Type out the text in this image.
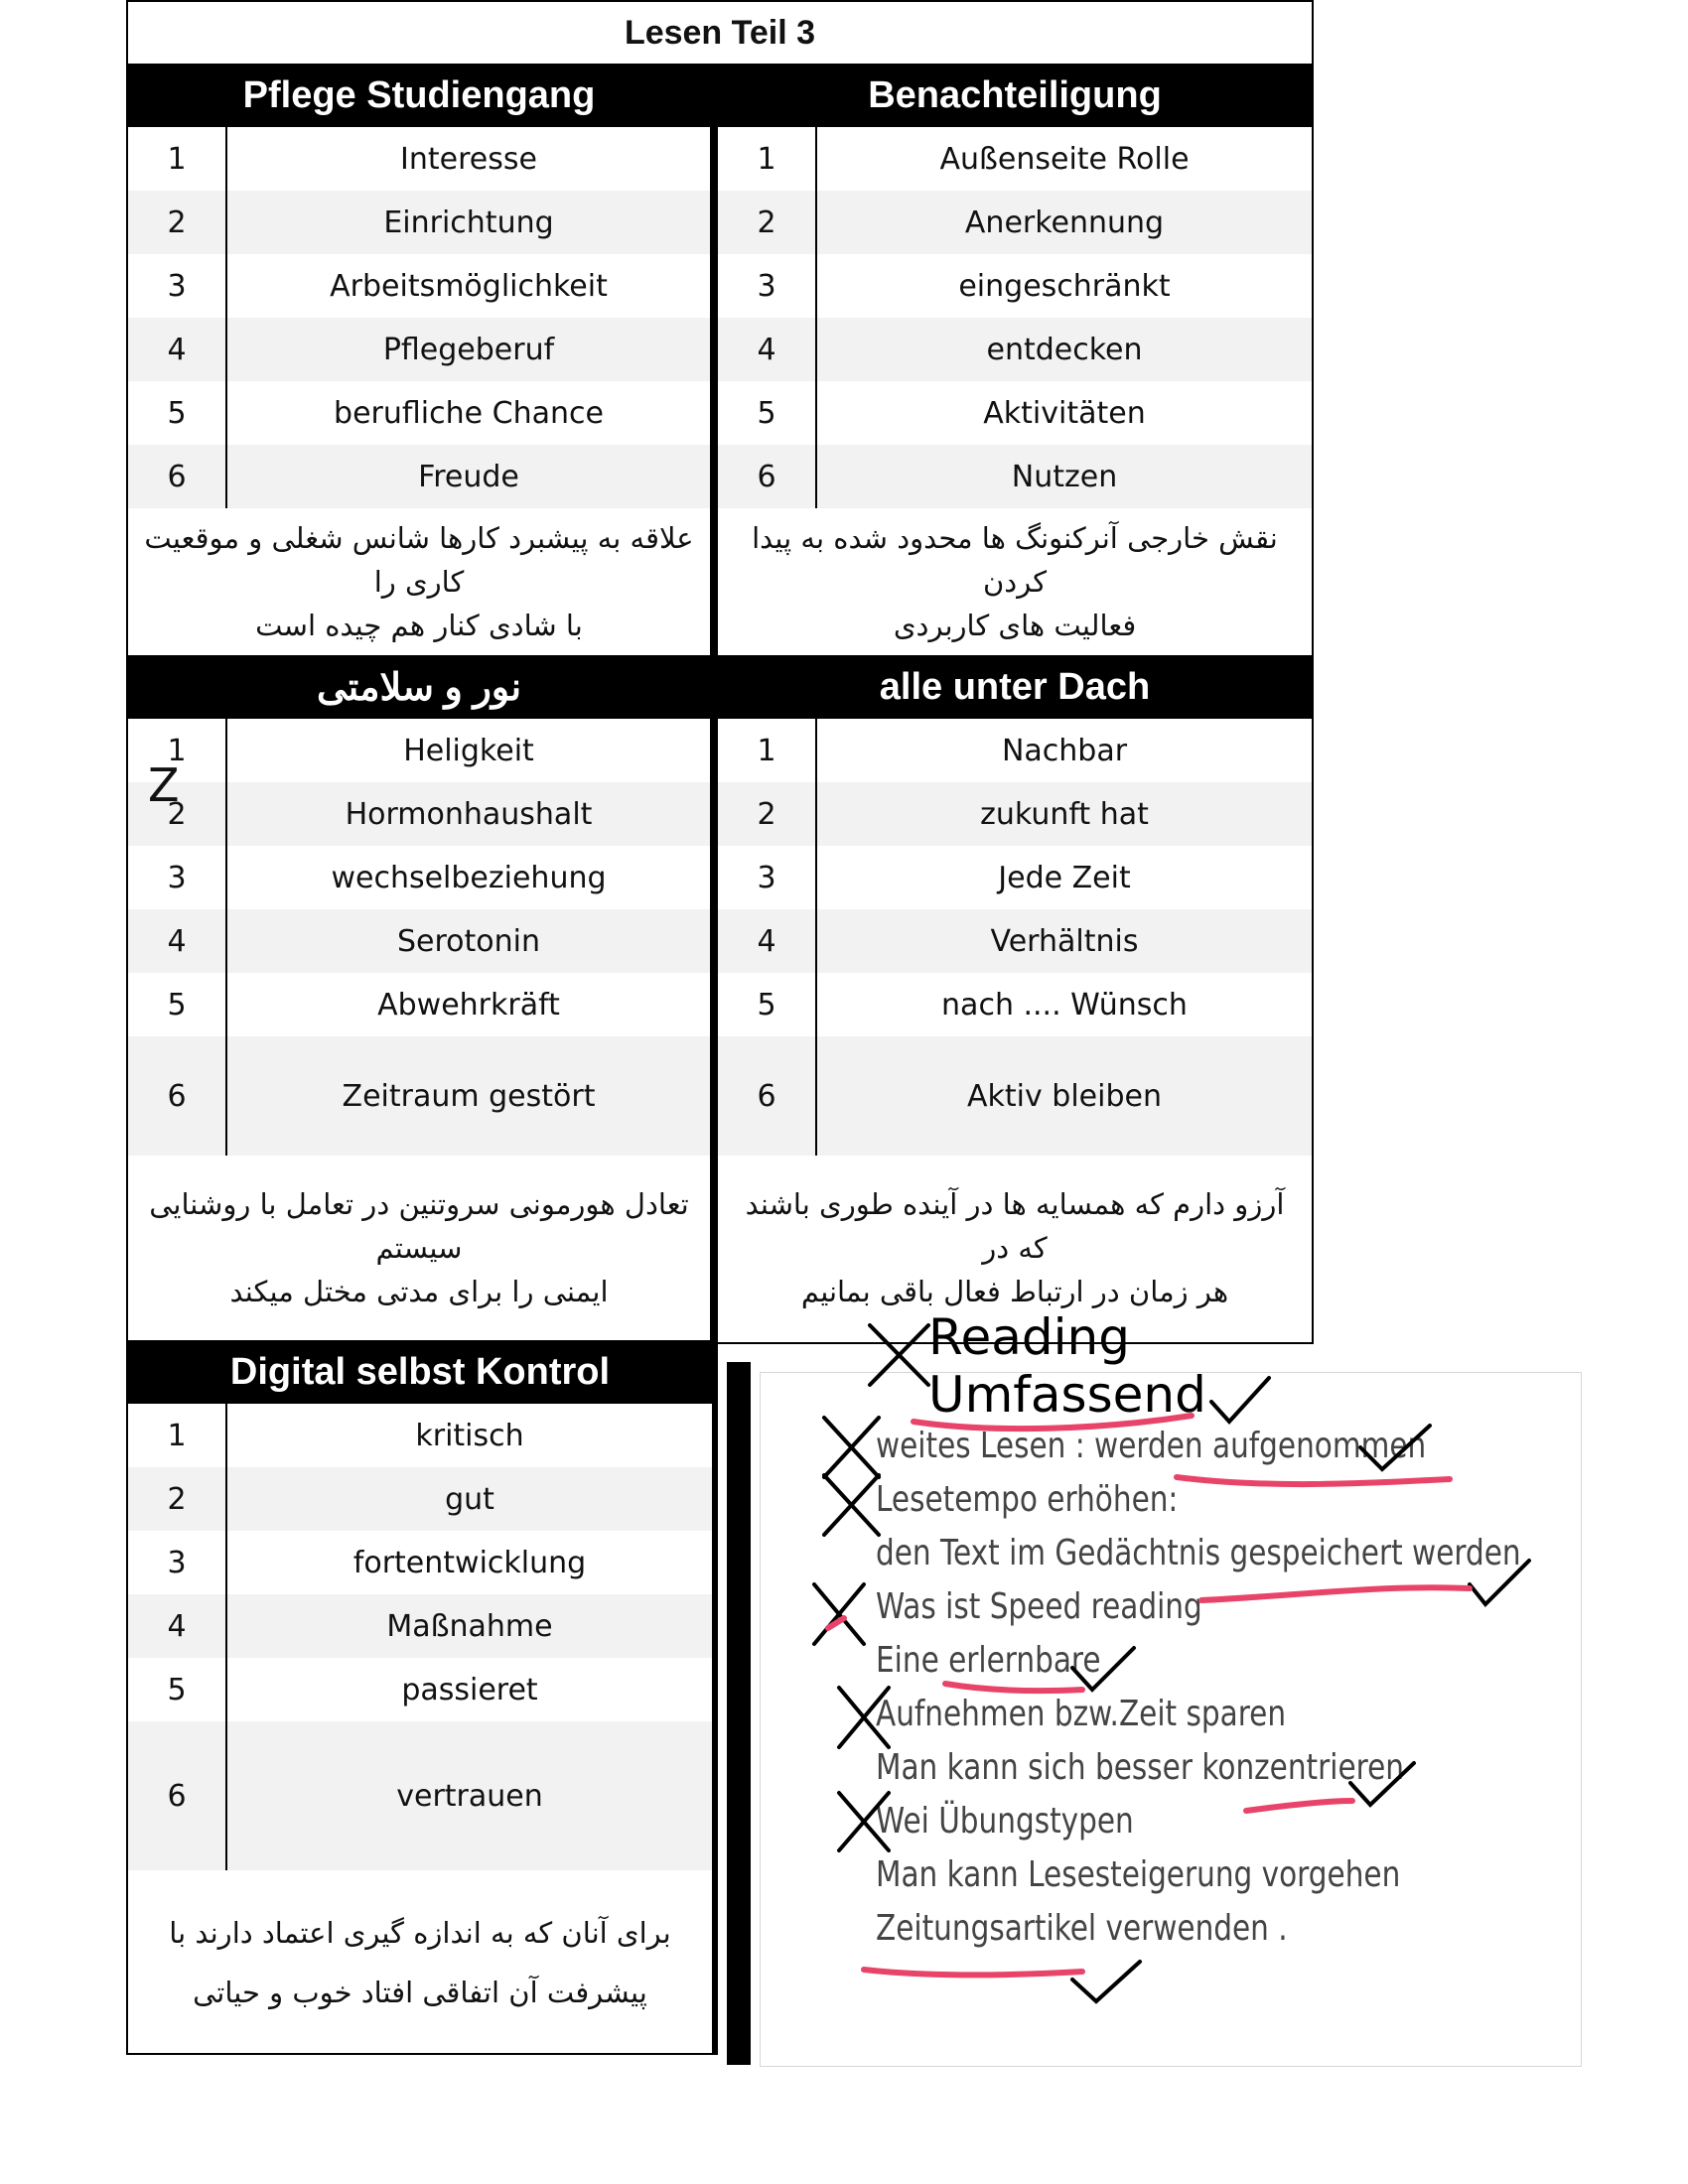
Lesen Teil 3
Pflege Studiengang
1	Interesse
2	Einrichtung
3	Arbeitsmöglichkeit
4	Pflegeberuf
5	berufliche Chance
6	Freude
علاقه به پیشبرد کارها شانس شغلی و موقعیت کاری را
با شادی کنار هم چیده است
Benachteiligung
1	Außenseite Rolle
2	Anerkennung
3	eingeschränkt
4	entdecken
5	Aktivitäten
6	Nutzen
نقش خارجی آنرکنونگ ها محدود شده به پیدا کردن
فعالیت های کاربردی
نور و سلامتی
1	Heligkeit
2	Hormonhaushalt
3	wechselbeziehung
4	Serotonin
5	Abwehrkräft
6	Zeitraum gestört
تعادل هورمونی سروتنین در تعامل با روشنایی سیستم
ایمنی را برای مدتی مختل میکند
Z
alle unter Dach
1	Nachbar
2	zukunft hat
3	Jede Zeit
4	Verhältnis
5	nach .... Wünsch
6	Aktiv bleiben
آرزو دارم که همسایه ها در آینده طوری باشند که در
هر زمان در ارتباط فعال باقی بمانیم
Digital selbst Kontrol
1	kritisch
2	gut
3	fortentwicklung
4	Maßnahme
5	passieret
6	vertrauen
برای آنان که به اندازه گیری اعتماد دارند با
پیشرفت آن اتفاقی افتاد خوب و حیاتی
Reading
Umfassend
weites Lesen : werden aufgenommen
Lesetempo erhöhen:
den Text im Gedächtnis gespeichert werden
Was ist Speed reading
Eine erlernbare
Aufnehmen bzw.Zeit sparen
Man kann sich besser konzentrieren
Wei Übungstypen
Man kann Lesesteigerung vorgehen
Zeitungsartikel verwenden .
